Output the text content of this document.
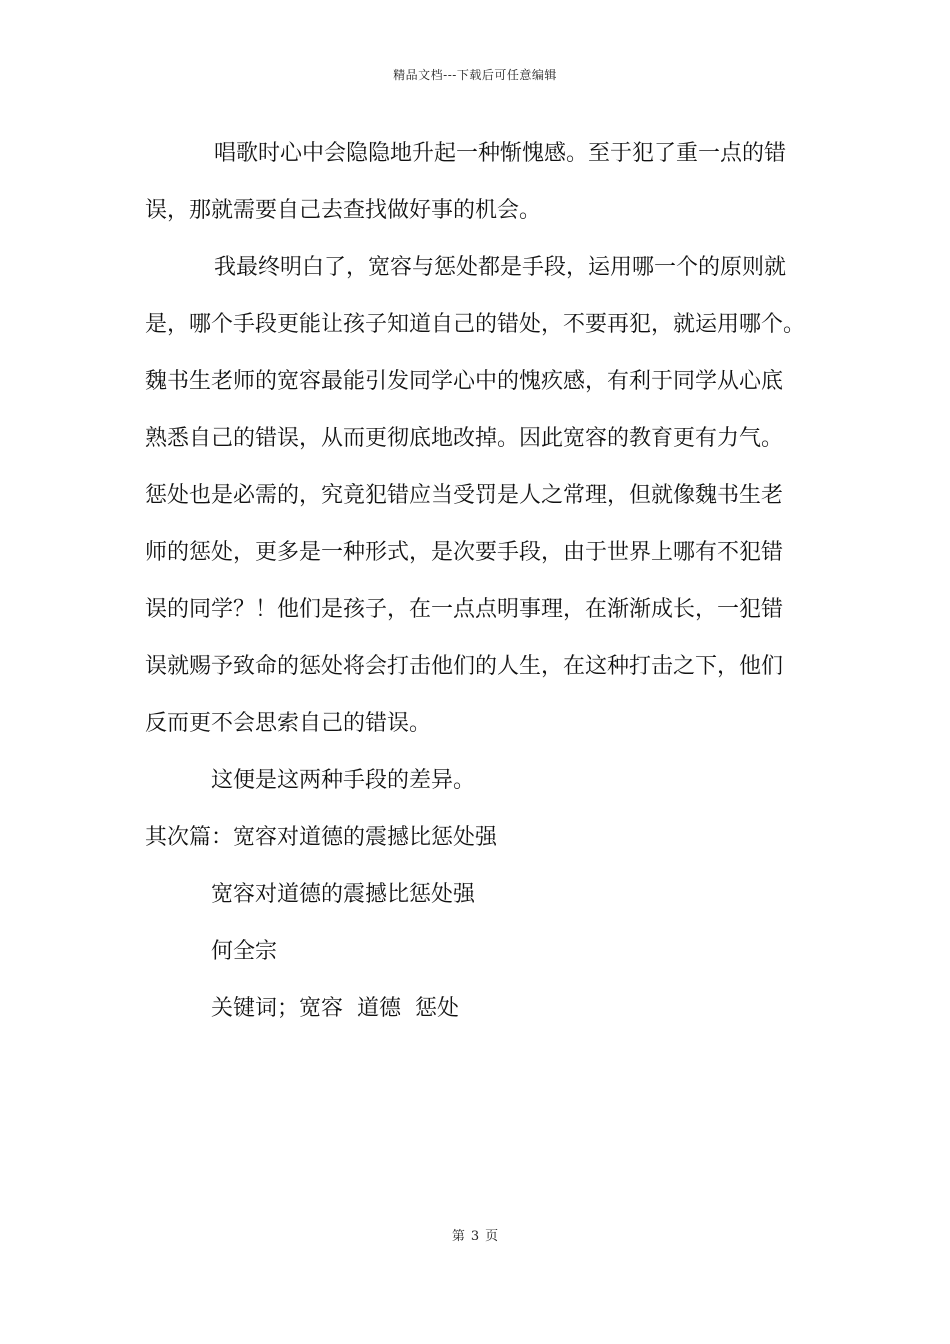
精品文档---下载后可任意编辑
唱歌时心中会隐隐地升起一种惭愧感。至于犯了重一点的错
误，那就需要自己去查找做好事的机会。
我最终明白了，宽容与惩处都是手段，运用哪一个的原则就
是，哪个手段更能让孩子知道自己的错处，不要再犯，就运用哪个。
魏书生老师的宽容最能引发同学心中的愧疚感，有利于同学从心底
熟悉自己的错误，从而更彻底地改掉。因此宽容的教育更有力气。
惩处也是必需的，究竟犯错应当受罚是人之常理，但就像魏书生老
师的惩处，更多是一种形式，是次要手段，由于世界上哪有不犯错
误的同学？！他们是孩子，在一点点明事理，在渐渐成长，一犯错
误就赐予致命的惩处将会打击他们的人生，在这种打击之下，他们
反而更不会思索自己的错误。
这便是这两种手段的差异。
其次篇：宽容对道德的震撼比惩处强
宽容对道德的震撼比惩处强
何全宗
关键词；宽容  道德  惩处
第 3 页
